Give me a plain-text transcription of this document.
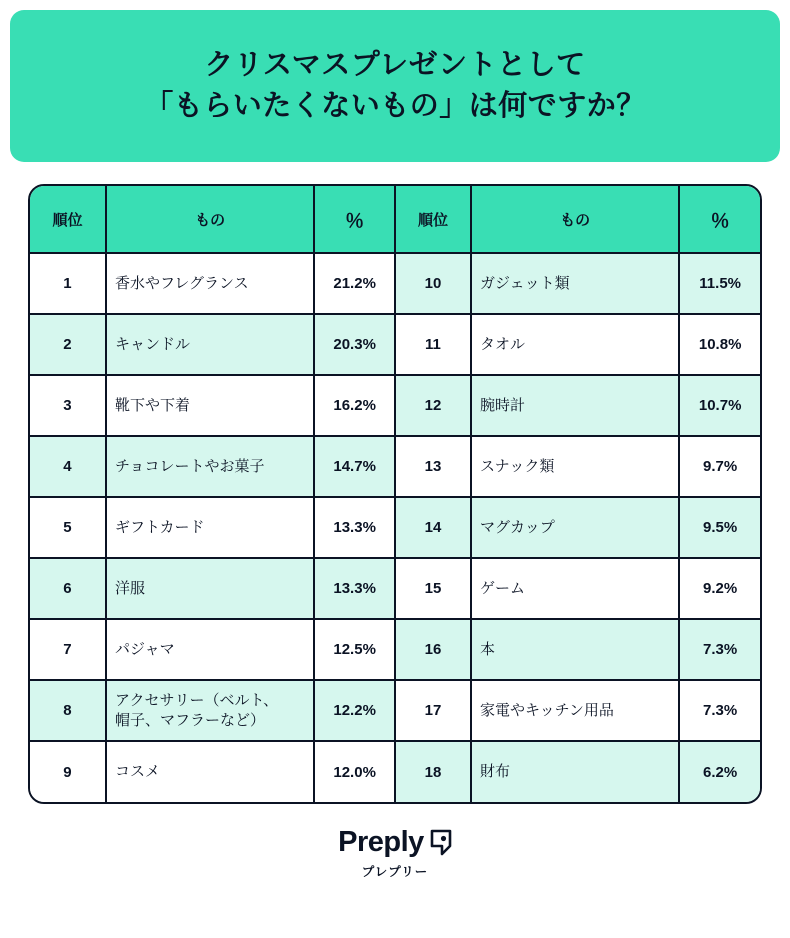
クリスマスプレゼントとして
「もらいたくないもの」は何ですか？
順位	もの	％	順位	もの	％
1	香水やフレグランス	21.2%	10	ガジェット類	11.5%
2	キャンドル	20.3%	11	タオル	10.8%
3	靴下や下着	16.2%	12	腕時計	10.7%
4	チョコレートやお菓子	14.7%	13	スナック類	9.7%
5	ギフトカード	13.3%	14	マグカップ	9.5%
6	洋服	13.3%	15	ゲーム	9.2%
7	パジャマ	12.5%	16	本	7.3%
8	アクセサリー（ベルト、
帽子、マフラーなど）	12.2%	17	家電やキッチン用品	7.3%
9	コスメ	12.0%	18	財布	6.2%
Preply
プレプリー
